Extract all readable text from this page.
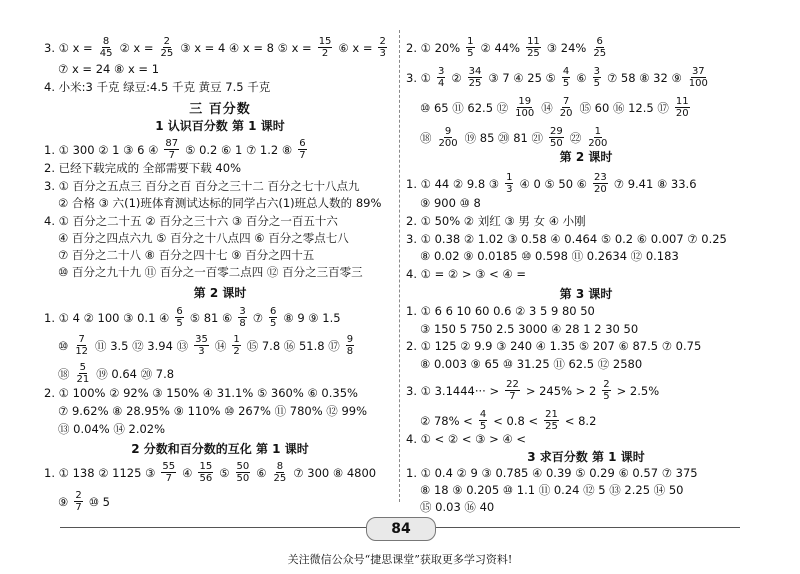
3. ① $x = \frac{8}{45}$ ② $x = \frac{2}{25}$ ③ x = 4 ④ x = 8 ⑤ $x = \frac{15}{2}$ ⑥ $x = \frac{2}{3}$
⑦ x = 24 ⑧ x = 1
4. 小米:3 千克 绿豆:4.5 千克 黄豆 7.5 千克
三 百分数
1 认识百分数 第 1 课时
1. ① 300 ② 1 ③ 6 ④ $\frac{87}{7}$ ⑤ 0.2 ⑥ 1 ⑦ 1.2 ⑧ $\frac{6}{7}$
2. 已经下载完成的 全部需要下载 40%
3. ① 百分之五点三 百分之百 百分之三十二 百分之七十八点九
② 合格 ③ 六(1)班体育测试达标的同学占六(1)班总人数的 89%
4. ① 百分之二十五 ② 百分之三十六 ③ 百分之一百五十六
④ 百分之四点六九 ⑤ 百分之十八点四 ⑥ 百分之零点七八
⑦ 百分之二十八 ⑧ 百分之四十七 ⑨ 百分之四十五
⑩ 百分之九十九 ⑪ 百分之一百零二点四 ⑫ 百分之三百零三
第 2 课时
1. ① 4 ② 100 ③ 0.1 ④ $\frac{6}{5}$ ⑤ 81 ⑥ $\frac{3}{8}$ ⑦ $\frac{6}{5}$ ⑧ 9 ⑨ 1.5
⑩ $\frac{7}{12}$ ⑪ 3.5 ⑫ 3.94 ⑬ $\frac{35}{3}$ ⑭ $\frac{1}{2}$ ⑮ 7.8 ⑯ 51.8 ⑰ $\frac{9}{8}$
⑱ $\frac{5}{21}$ ⑲ 0.64 ⑳ 7.8
2. ① 100% ② 92% ③ 150% ④ 31.1% ⑤ 360% ⑥ 0.35%
⑦ 9.62% ⑧ 28.95% ⑨ 110% ⑩ 267% ⑪ 780% ⑫ 99%
⑬ 0.04% ⑭ 2.02%
2 分数和百分数的互化 第 1 课时
1. ① 138 ② 1125 ③ $\frac{55}{7}$ ④ $\frac{15}{56}$ ⑤ $\frac{50}{50}$ ⑥ $\frac{8}{25}$ ⑦ 300 ⑧ 4800
⑨ $\frac{2}{7}$ ⑩ 5
2. ① $20\% \frac{1}{5}$ ② $44\% \frac{11}{25}$ ③ $24\% \frac{6}{25}$
3. ① $\frac{3}{4}$ ② $\frac{34}{25}$ ③ 7 ④ 25 ⑤ $\frac{4}{5}$ ⑥ $\frac{3}{5}$ ⑦ 58 ⑧ 32 ⑨ $\frac{37}{100}$
⑩ 65 ⑪ 62.5 ⑫ $\frac{19}{100}$ ⑭ $\frac{7}{20}$ ⑮ 60 ⑯ 12.5 ⑰ $\frac{11}{20}$
⑱ $\frac{9}{200}$ ⑲ 85 ⑳ 81 ㉑ $\frac{29}{50}$ ㉒ $\frac{1}{200}$
第 2 课时
1. ① 44 ② 9.8 ③ $\frac{1}{3}$ ④ 0 ⑤ 50 ⑥ $\frac{23}{20}$ ⑦ 9.41 ⑧ 33.6
⑨ 900 ⑩ 8
2. ① 50% ② 刘红 ③ 男 女 ④ 小刚
3. ① 0.38 ② 1.02 ③ 0.58 ④ 0.464 ⑤ 0.2 ⑥ 0.007 ⑦ 0.25
⑧ 0.02 ⑨ 0.0185 ⑩ 0.598 ⑪ 0.2634 ⑫ 0.183
4. ① = ② > ③ < ④ =
第 3 课时
1. ① 6 6 10 60 0.6 ② 3 5 9 80 50
③ 150 5 750 2.5 3000 ④ 28 1 2 30 50
2. ① 125 ② 9.9 ③ 240 ④ 1.35 ⑤ 207 ⑥ 87.5 ⑦ 0.75
⑧ 0.003 ⑨ 65 ⑩ 31.25 ⑪ 62.5 ⑫ 2580
3. ① $3.1444\cdot\cdot\cdot > \frac{22}{7} > 245\% > 2 \frac{2}{5} > 2.5\%$
② $78\% < \frac{4}{5} < 0.8 < \frac{21}{25} < 8.2$
4. ① < ② < ③ > ④ <
3 求百分数 第 1 课时
1. ① 0.4 ② 9 ③ 0.785 ④ 0.39 ⑤ 0.29 ⑥ 0.57 ⑦ 375
⑧ 18 ⑨ 0.205 ⑩ 1.1 ⑪ 0.24 ⑫ 5 ⑬ 2.25 ⑭ 50
⑮ 0.03 ⑯ 40
84
关注微信公众号“捷思课堂”获取更多学习资料!
